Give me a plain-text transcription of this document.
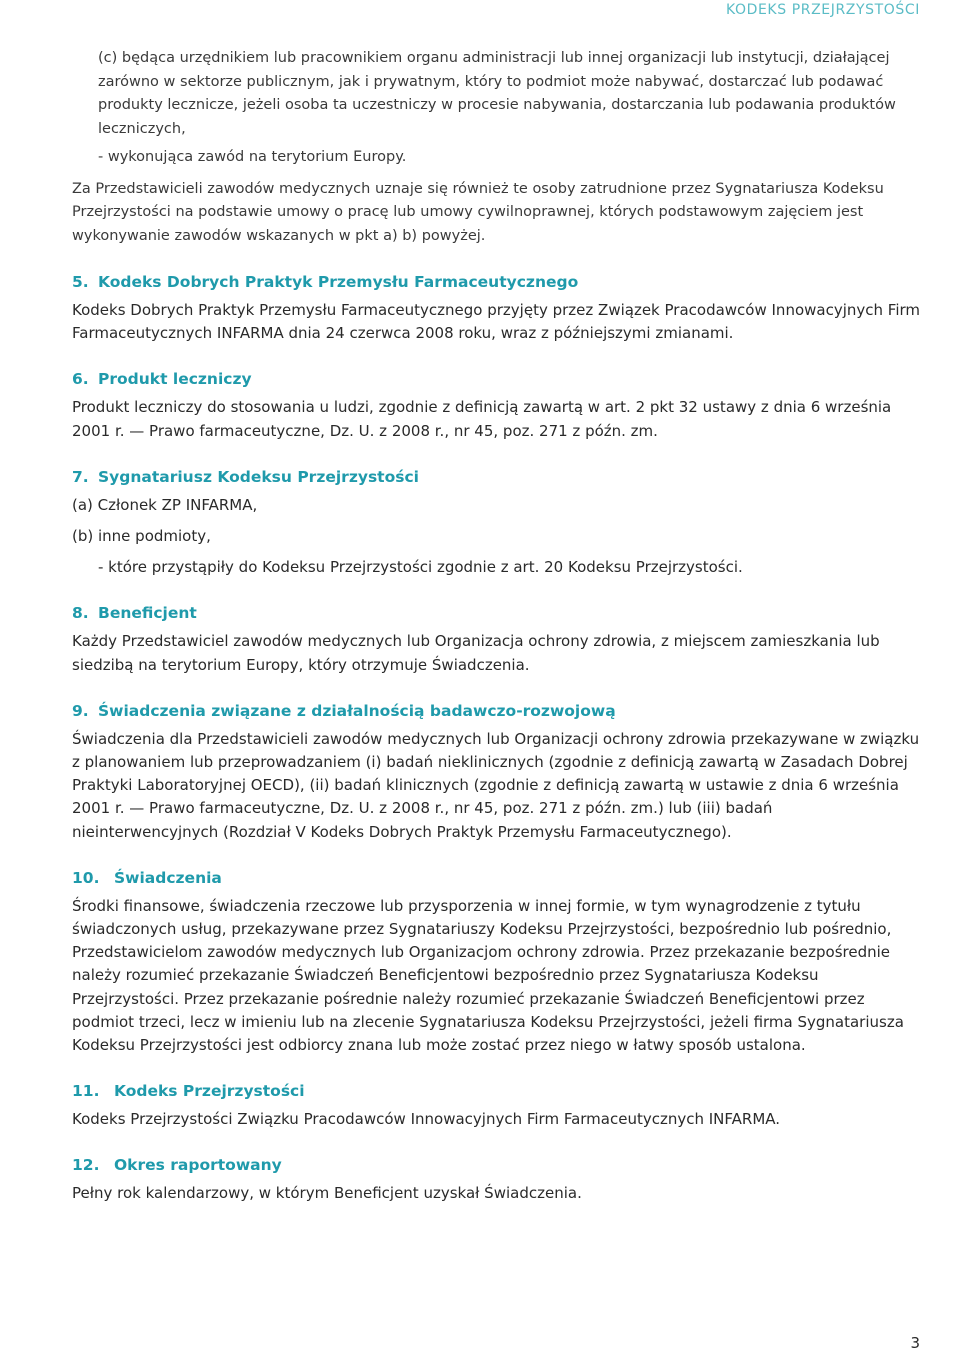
KODEKS PRZEJRZYSTOŚCI

(c) będąca urzędnikiem lub pracownikiem organu administracji lub innej organizacji lub instytucji, działającej zarówno w sektorze publicznym, jak i prywatnym, który to podmiot może nabywać, dostarczać lub podawać produkty lecznicze, jeżeli osoba ta uczestniczy w procesie nabywania, dostarczania lub podawania produktów leczniczych,

- wykonująca zawód na terytorium Europy.

Za Przedstawicieli zawodów medycznych uznaje się również te osoby zatrudnione przez Sygnatariusza Kodeksu Przejrzystości na podstawie umowy o pracę lub umowy cywilnoprawnej, których podstawowym zajęciem jest wykonywanie zawodów wskazanych w pkt a) b) powyżej.

5. Kodeks Dobrych Praktyk Przemysłu Farmaceutycznego

Kodeks Dobrych Praktyk Przemysłu Farmaceutycznego przyjęty przez Związek Pracodawców Innowacyjnych Firm Farmaceutycznych INFARMA dnia 24 czerwca 2008 roku, wraz z późniejszymi zmianami.

6. Produkt leczniczy

Produkt leczniczy do stosowania u ludzi, zgodnie z definicją zawartą w art. 2 pkt 32 ustawy z dnia 6 września 2001 r. — Prawo farmaceutyczne, Dz. U. z 2008 r., nr 45, poz. 271 z późn. zm.

7. Sygnatariusz Kodeksu Przejrzystości

(a) Członek ZP INFARMA,

(b) inne podmioty,

- które przystąpiły do Kodeksu Przejrzystości zgodnie z art. 20 Kodeksu Przejrzystości.

8. Beneficjent

Każdy Przedstawiciel zawodów medycznych lub Organizacja ochrony zdrowia, z miejscem zamieszkania lub siedzibą na terytorium Europy, który otrzymuje Świadczenia.

9. Świadczenia związane z działalnością badawczo-rozwojową

Świadczenia dla Przedstawicieli zawodów medycznych lub Organizacji ochrony zdrowia przekazywane w związku z planowaniem lub przeprowadzaniem (i) badań nieklinicznych (zgodnie z definicją zawartą w Zasadach Dobrej Praktyki Laboratoryjnej OECD), (ii) badań klinicznych (zgodnie z definicją zawartą w ustawie z dnia 6 września 2001 r. — Prawo farmaceutyczne, Dz. U. z 2008 r., nr 45, poz. 271 z późn. zm.) lub (iii) badań nieinterwencyjnych (Rozdział V Kodeks Dobrych Praktyk Przemysłu Farmaceutycznego).

10. Świadczenia

Środki finansowe, świadczenia rzeczowe lub przysporzenia w innej formie, w tym wynagrodzenie z tytułu świadczonych usług, przekazywane przez Sygnatariuszy Kodeksu Przejrzystości, bezpośrednio lub pośrednio, Przedstawicielom zawodów medycznych lub Organizacjom ochrony zdrowia. Przez przekazanie bezpośrednie należy rozumieć przekazanie Świadczeń Beneficjentowi bezpośrednio przez Sygnatariusza Kodeksu Przejrzystości. Przez przekazanie pośrednie należy rozumieć przekazanie Świadczeń Beneficjentowi przez podmiot trzeci, lecz w imieniu lub na zlecenie Sygnatariusza Kodeksu Przejrzystości, jeżeli firma Sygnatariusza Kodeksu Przejrzystości jest odbiorcy znana lub może zostać przez niego w łatwy sposób ustalona.

11. Kodeks Przejrzystości

Kodeks Przejrzystości Związku Pracodawców Innowacyjnych Firm Farmaceutycznych INFARMA.

12. Okres raportowany

Pełny rok kalendarzowy, w którym Beneficjent uzyskał Świadczenia.

3
